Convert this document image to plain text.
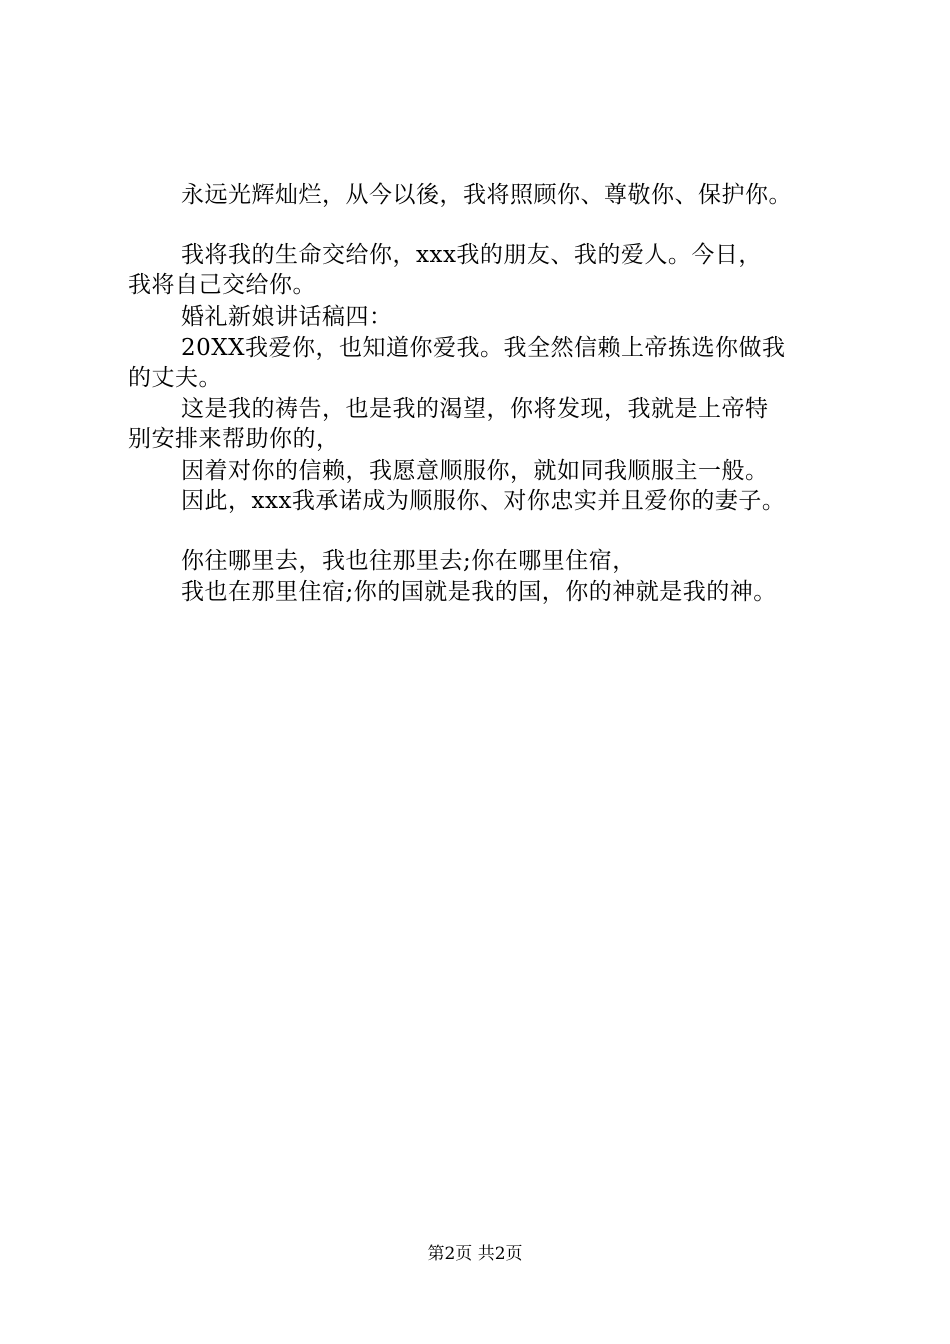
永远光辉灿烂，从今以後，我将照顾你、尊敬你、保护你。
我将我的生命交给你，xxx我的朋友、我的爱人。今日，
我将自己交给你。
婚礼新娘讲话稿四：
20XX我爱你，也知道你爱我。我全然信赖上帝拣选你做我
的丈夫。
这是我的祷告，也是我的渴望，你将发现，我就是上帝特
别安排来帮助你的，
因着对你的信赖，我愿意顺服你，就如同我顺服主一般。
因此，xxx我承诺成为顺服你、对你忠实并且爱你的妻子。
你往哪里去，我也往那里去;你在哪里住宿，
我也在那里住宿;你的国就是我的国，你的神就是我的神。
第2页 共2页
